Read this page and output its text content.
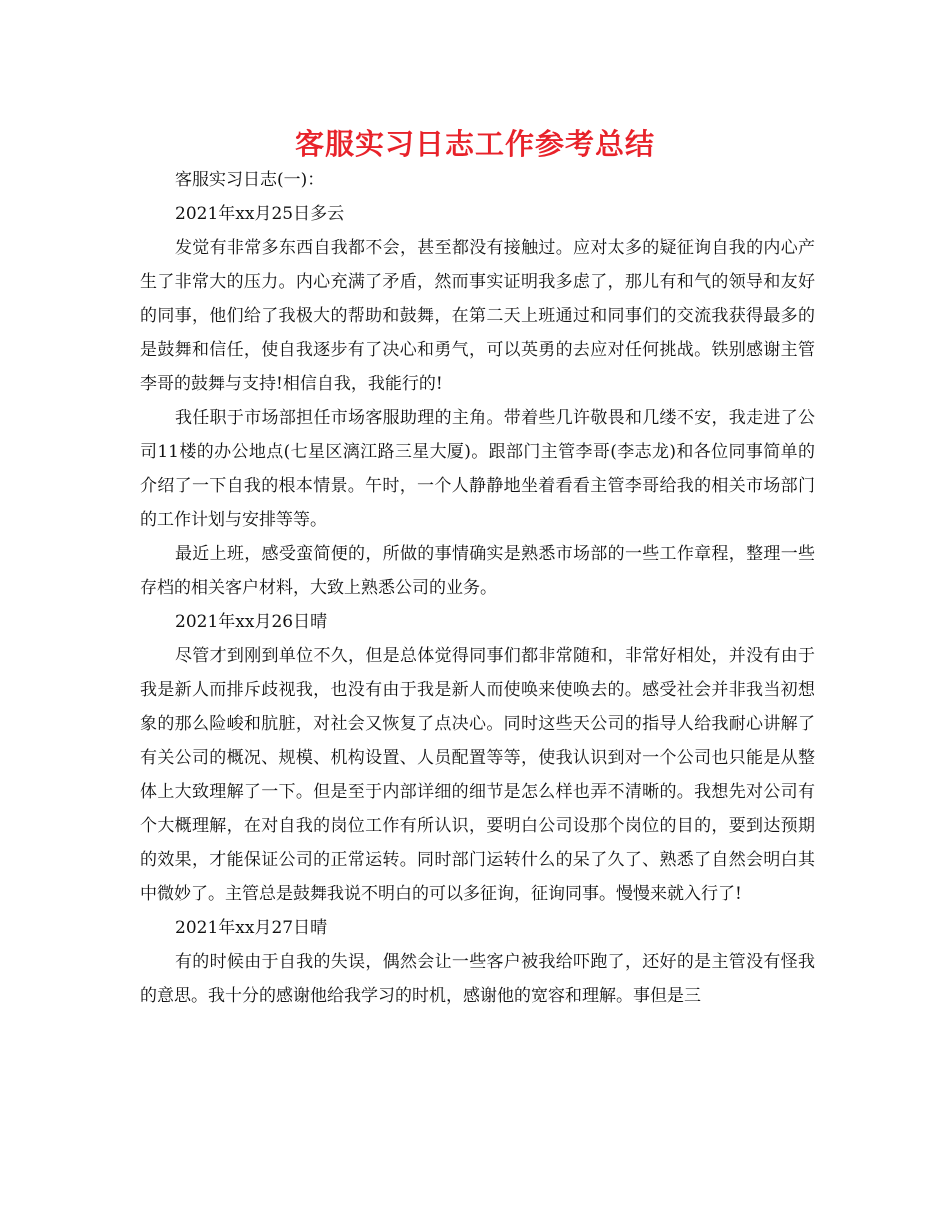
客服实习日志工作参考总结

客服实习日志(一)：

2021年xx月25日多云

发觉有非常多东西自我都不会，甚至都没有接触过。应对太多的疑征询自我的内心产生了非常大的压力。内心充满了矛盾，然而事实证明我多虑了，那儿有和气的领导和友好的同事，他们给了我极大的帮助和鼓舞，在第二天上班通过和同事们的交流我获得最多的是鼓舞和信任，使自我逐步有了决心和勇气，可以英勇的去应对任何挑战。铁别感谢主管李哥的鼓舞与支持!相信自我，我能行的!

我任职于市场部担任市场客服助理的主角。带着些几许敬畏和几缕不安，我走进了公司11楼的办公地点(七星区漓江路三星大厦)。跟部门主管李哥(李志龙)和各位同事简单的介绍了一下自我的根本情景。午时，一个人静静地坐着看看主管李哥给我的相关市场部门的工作计划与安排等等。

最近上班，感受蛮简便的，所做的事情确实是熟悉市场部的一些工作章程，整理一些存档的相关客户材料，大致上熟悉公司的业务。

2021年xx月26日晴

尽管才到刚到单位不久，但是总体觉得同事们都非常随和，非常好相处，并没有由于我是新人而排斥歧视我，也没有由于我是新人而使唤来使唤去的。感受社会并非我当初想象的那么险峻和肮脏，对社会又恢复了点决心。同时这些天公司的指导人给我耐心讲解了有关公司的概况、规模、机构设置、人员配置等等，使我认识到对一个公司也只能是从整体上大致理解了一下。但是至于内部详细的细节是怎么样也弄不清晰的。我想先对公司有个大概理解，在对自我的岗位工作有所认识，要明白公司设那个岗位的目的，要到达预期的效果，才能保证公司的正常运转。同时部门运转什么的呆了久了、熟悉了自然会明白其中微妙了。主管总是鼓舞我说不明白的可以多征询，征询同事。慢慢来就入行了!

2021年xx月27日晴

有的时候由于自我的失误，偶然会让一些客户被我给吓跑了，还好的是主管没有怪我的意思。我十分的感谢他给我学习的时机，感谢他的宽容和理解。事但是三
